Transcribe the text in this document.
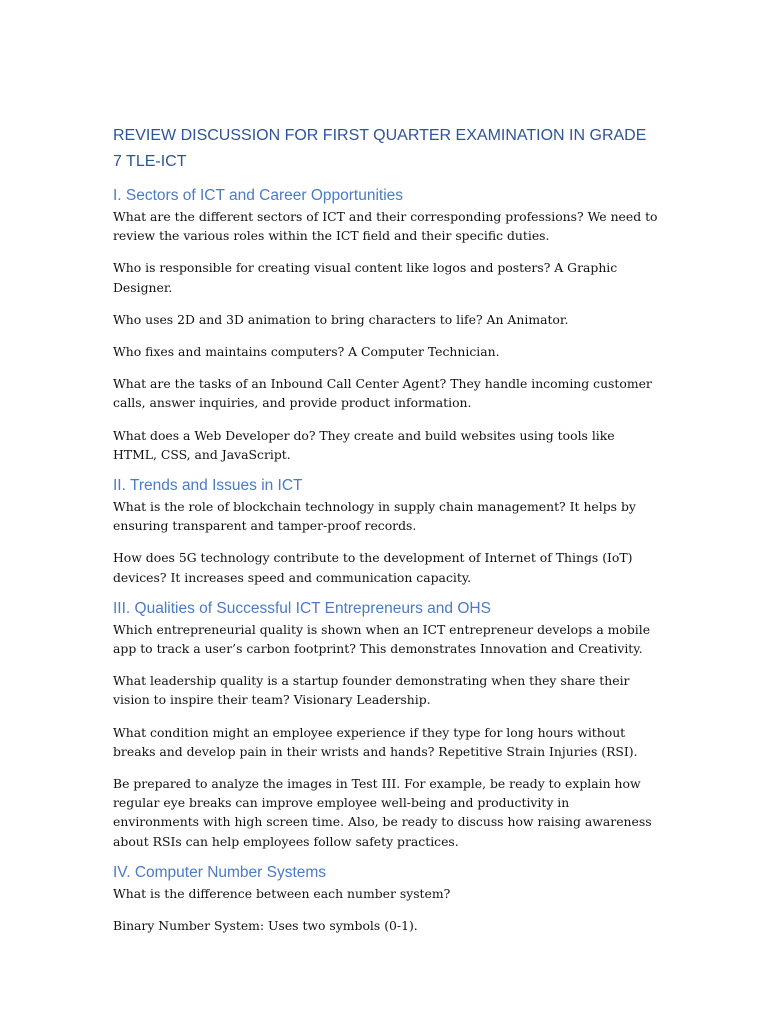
REVIEW DISCUSSION FOR FIRST QUARTER EXAMINATION IN GRADE 7 TLE-ICT
I. Sectors of ICT and Career Opportunities

What are the different sectors of ICT and their corresponding professions? We need to review the various roles within the ICT field and their specific duties.

Who is responsible for creating visual content like logos and posters? A Graphic Designer.

Who uses 2D and 3D animation to bring characters to life? An Animator.

Who fixes and maintains computers? A Computer Technician.

What are the tasks of an Inbound Call Center Agent? They handle incoming customer calls, answer inquiries, and provide product information.

What does a Web Developer do? They create and build websites using tools like HTML, CSS, and JavaScript.

II. Trends and Issues in ICT

What is the role of blockchain technology in supply chain management? It helps by ensuring transparent and tamper-proof records.

How does 5G technology contribute to the development of Internet of Things (IoT) devices? It increases speed and communication capacity.

III. Qualities of Successful ICT Entrepreneurs and OHS

Which entrepreneurial quality is shown when an ICT entrepreneur develops a mobile app to track a user’s carbon footprint? This demonstrates Innovation and Creativity.

What leadership quality is a startup founder demonstrating when they share their vision to inspire their team? Visionary Leadership.

What condition might an employee experience if they type for long hours without breaks and develop pain in their wrists and hands? Repetitive Strain Injuries (RSI).

Be prepared to analyze the images in Test III. For example, be ready to explain how regular eye breaks can improve employee well-being and productivity in environments with high screen time. Also, be ready to discuss how raising awareness about RSIs can help employees follow safety practices.

IV. Computer Number Systems

What is the difference between each number system?

Binary Number System: Uses two symbols (0-1).
